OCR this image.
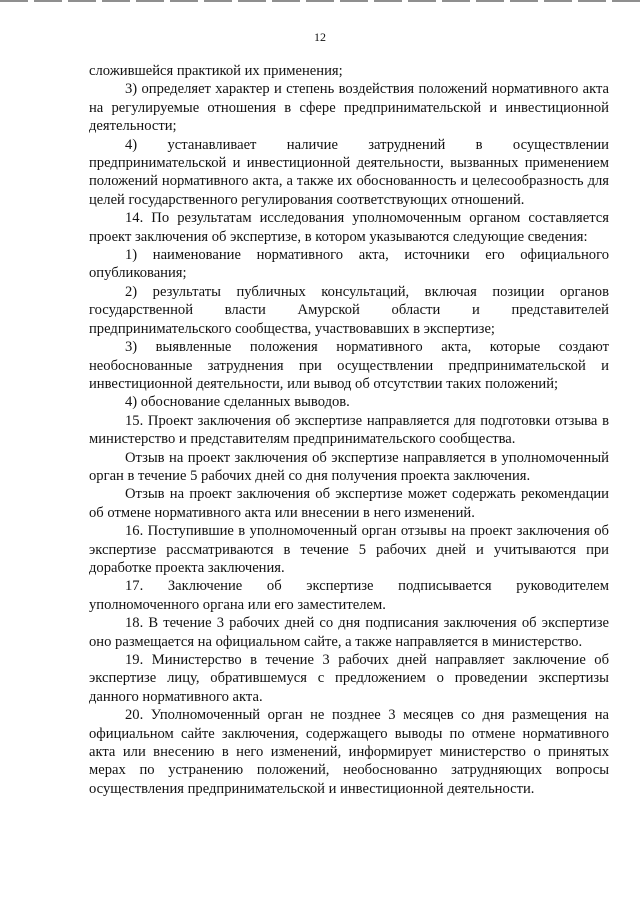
12

сложившейся практикой их применения;

3) определяет характер и степень воздействия положений нормативного акта на регулируемые отношения в сфере предпринимательской и инвестиционной деятельности;

4) устанавливает наличие затруднений в осуществлении предпринимательской и инвестиционной деятельности, вызванных применением положений нормативного акта, а также их обоснованность и целесообразность для целей государственного регулирования соответствующих отношений.

14. По результатам исследования уполномоченным органом составляется проект заключения об экспертизе, в котором указываются следующие сведения:

1) наименование нормативного акта, источники его официального опубликования;

2) результаты публичных консультаций, включая позиции органов государственной власти Амурской области и представителей предпринимательского сообщества, участвовавших в экспертизе;

3) выявленные положения нормативного акта, которые создают необоснованные затруднения при осуществлении предпринимательской и инвестиционной деятельности, или вывод об отсутствии таких положений;

4) обоснование сделанных выводов.

15. Проект заключения об экспертизе направляется для подготовки отзыва в министерство и представителям предпринимательского сообщества.

Отзыв на проект заключения об экспертизе направляется в уполномоченный орган в течение 5 рабочих дней со дня получения проекта заключения.

Отзыв на проект заключения об экспертизе может содержать рекомендации об отмене нормативного акта или внесении в него изменений.

16. Поступившие в уполномоченный орган отзывы на проект заключения об экспертизе рассматриваются в течение 5 рабочих дней и учитываются при доработке проекта заключения.

17. Заключение об экспертизе подписывается руководителем уполномоченного органа или его заместителем.

18. В течение 3 рабочих дней со дня подписания заключения об экспертизе оно размещается на официальном сайте, а также направляется в министерство.

19. Министерство в течение 3 рабочих дней направляет заключение об экспертизе лицу, обратившемуся с предложением о проведении экспертизы данного нормативного акта.

20. Уполномоченный орган не позднее 3 месяцев со дня размещения на официальном сайте заключения, содержащего выводы по отмене нормативного акта или внесению в него изменений, информирует министерство о принятых мерах по устранению положений, необоснованно затрудняющих вопросы осуществления предпринимательской и инвестиционной деятельности.
